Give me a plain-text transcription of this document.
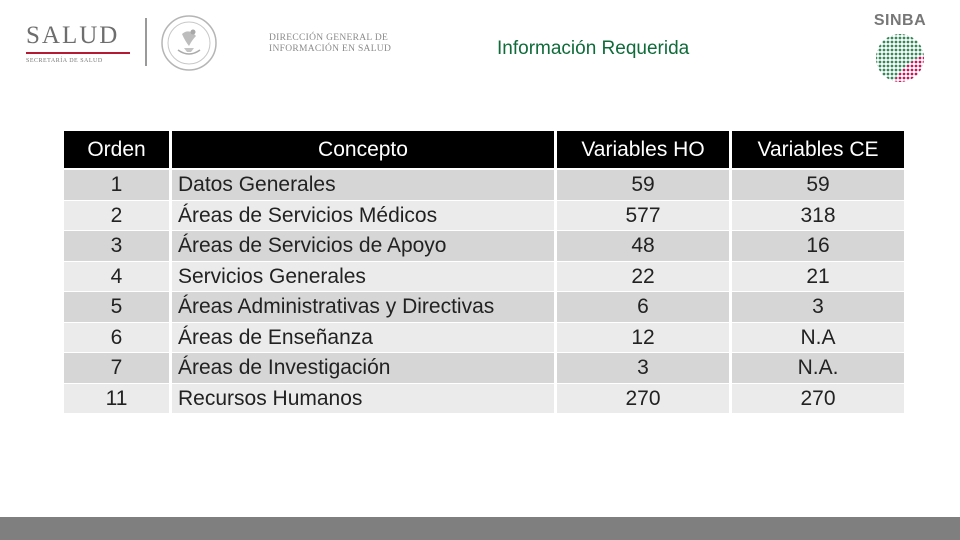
SALUD
SECRETARÍA DE SALUD
DIRECCIÓN GENERAL DE
INFORMACIÓN EN SALUD	Información Requerida
SINBA
Orden	Concepto	Variables HO	Variables CE
1	Datos Generales	59	59
2	Áreas de Servicios Médicos	577	318
3	Áreas de Servicios de Apoyo	48	16
4	Servicios Generales	22	21
5	Áreas Administrativas y Directivas	6	3
6	Áreas de Enseñanza	12	N.A
7	Áreas de Investigación	3	N.A.
11	Recursos Humanos	270	270
